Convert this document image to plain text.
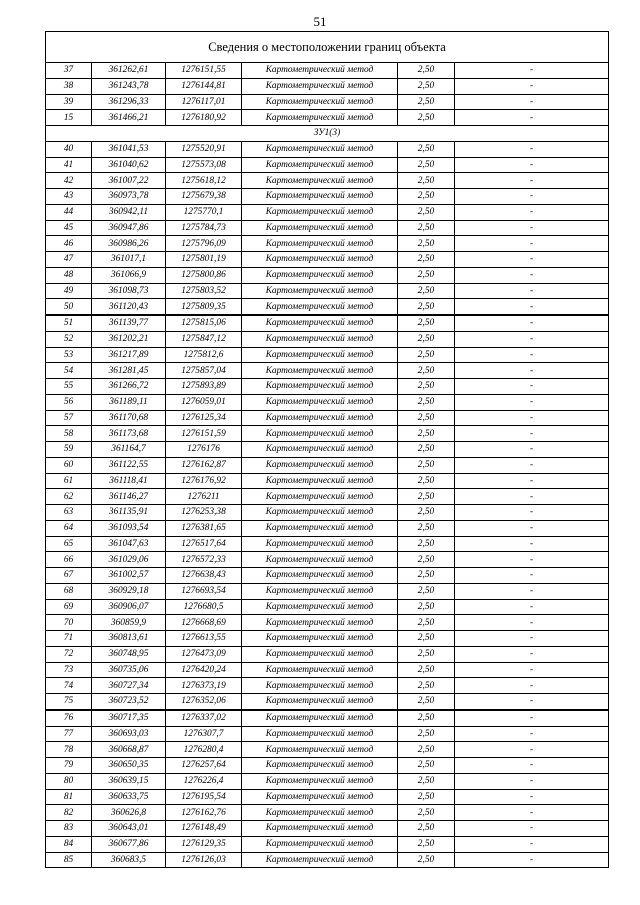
51
Сведения о местоположении границ объекта					
37	361262,61	1276151,55	Картометрический метод	2,50	-
38	361243,78	1276144,81	Картометрический метод	2,50	-
39	361296,33	1276117,01	Картометрический метод	2,50	-
15	361466,21	1276180,92	Картометрический метод	2,50	-
ЗУ1(3)					
40	361041,53	1275520,91	Картометрический метод	2,50	-
41	361040,62	1275573,08	Картометрический метод	2,50	-
42	361007,22	1275618,12	Картометрический метод	2,50	-
43	360973,78	1275679,38	Картометрический метод	2,50	-
44	360942,11	1275770,1	Картометрический метод	2,50	-
45	360947,86	1275784,73	Картометрический метод	2,50	-
46	360986,26	1275796,09	Картометрический метод	2,50	-
47	361017,1	1275801,19	Картометрический метод	2,50	-
48	361066,9	1275800,86	Картометрический метод	2,50	-
49	361098,73	1275803,52	Картометрический метод	2,50	-
50	361120,43	1275809,35	Картометрический метод	2,50	-
51	361139,77	1275815,06	Картометрический метод	2,50	-
52	361202,21	1275847,12	Картометрический метод	2,50	-
53	361217,89	1275812,6	Картометрический метод	2,50	-
54	361281,45	1275857,04	Картометрический метод	2,50	-
55	361266,72	1275893,89	Картометрический метод	2,50	-
56	361189,11	1276059,01	Картометрический метод	2,50	-
57	361170,68	1276125,34	Картометрический метод	2,50	-
58	361173,68	1276151,59	Картометрический метод	2,50	-
59	361164,7	1276176	Картометрический метод	2,50	-
60	361122,55	1276162,87	Картометрический метод	2,50	-
61	361118,41	1276176,92	Картометрический метод	2,50	-
62	361146,27	1276211	Картометрический метод	2,50	-
63	361135,91	1276253,38	Картометрический метод	2,50	-
64	361093,54	1276381,65	Картометрический метод	2,50	-
65	361047,63	1276517,64	Картометрический метод	2,50	-
66	361029,06	1276572,33	Картометрический метод	2,50	-
67	361002,57	1276638,43	Картометрический метод	2,50	-
68	360929,18	1276693,54	Картометрический метод	2,50	-
69	360906,07	1276680,5	Картометрический метод	2,50	-
70	360859,9	1276668,69	Картометрический метод	2,50	-
71	360813,61	1276613,55	Картометрический метод	2,50	-
72	360748,95	1276473,09	Картометрический метод	2,50	-
73	360735,06	1276420,24	Картометрический метод	2,50	-
74	360727,34	1276373,19	Картометрический метод	2,50	-
75	360723,52	1276352,06	Картометрический метод	2,50	-
76	360717,35	1276337,02	Картометрический метод	2,50	-
77	360693,03	1276307,7	Картометрический метод	2,50	-
78	360668,87	1276280,4	Картометрический метод	2,50	-
79	360650,35	1276257,64	Картометрический метод	2,50	-
80	360639,15	1276226,4	Картометрический метод	2,50	-
81	360633,75	1276195,54	Картометрический метод	2,50	-
82	360626,8	1276162,76	Картометрический метод	2,50	-
83	360643,01	1276148,49	Картометрический метод	2,50	-
84	360677,86	1276129,35	Картометрический метод	2,50	-
85	360683,5	1276126,03	Картометрический метод	2,50	-
